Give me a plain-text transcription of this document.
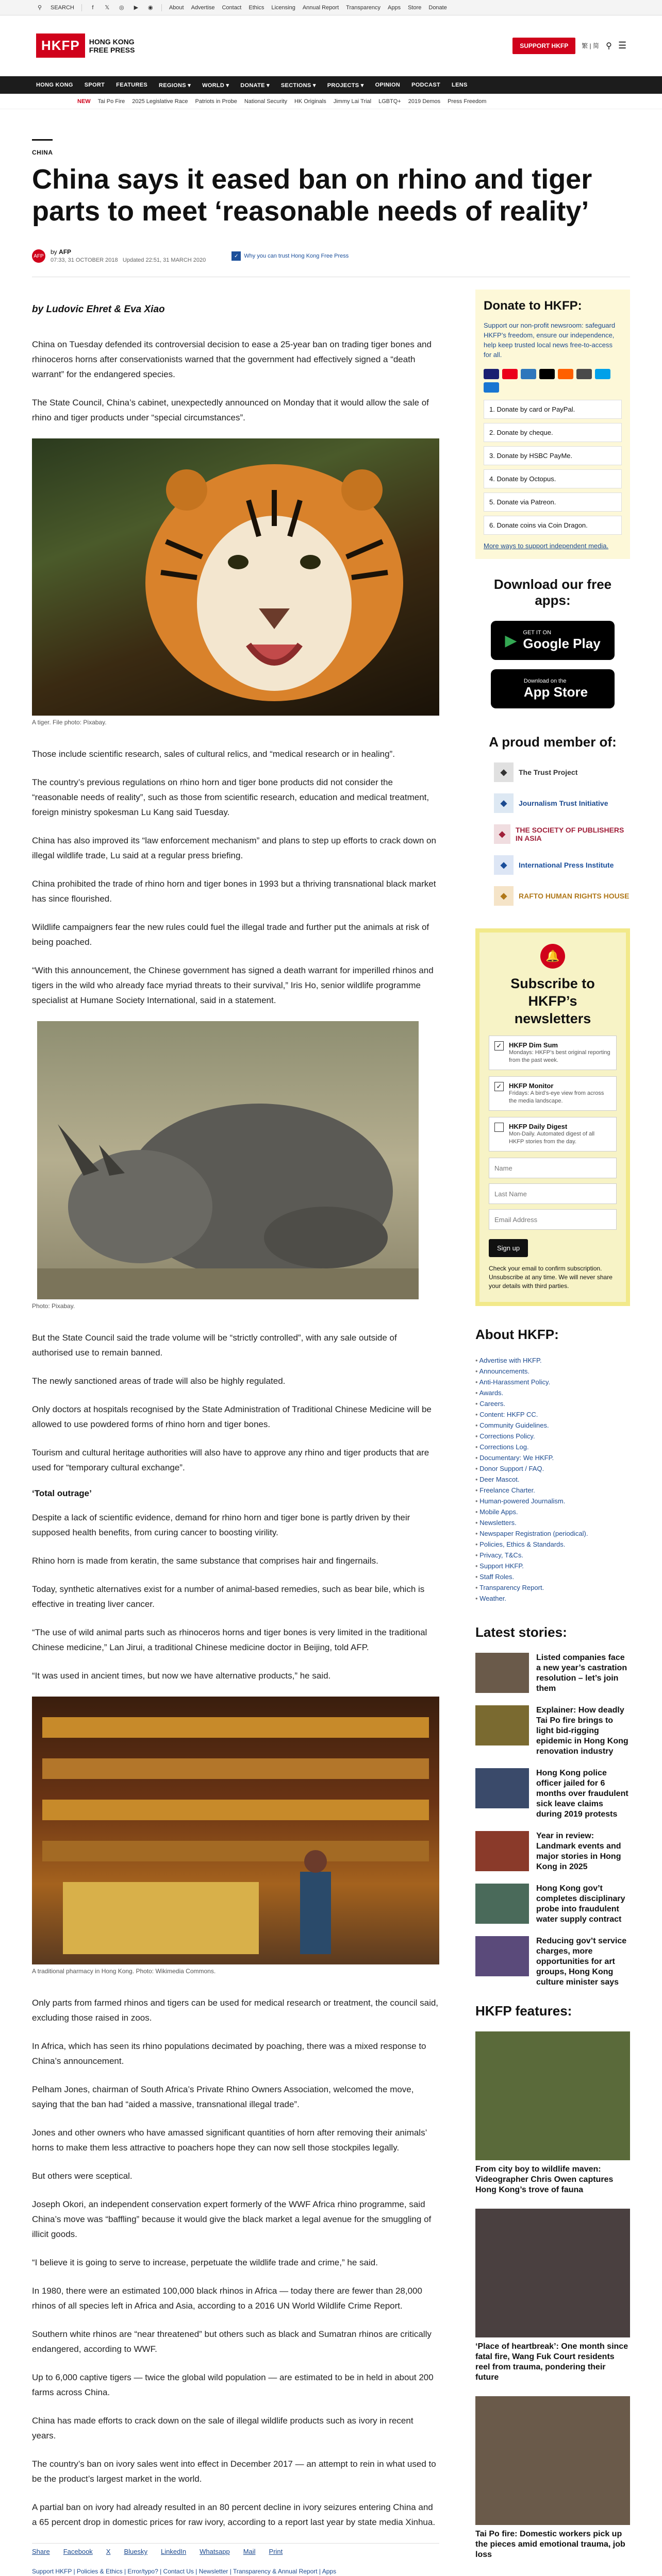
⚲ SEARCH	f	𝕏 ◎ ▶ ◉	About Advertise Contact Ethics Licensing Annual Report Transparency Apps Store Donate
HKFP	HONG KONG
FREE PRESS	SUPPORT HKFP	繁 | 简 ⚲ ☰
HONG KONG SPORT FEATURES REGIONS ▾ WORLD ▾ DONATE ▾ SECTIONS ▾ PROJECTS ▾ OPINION PODCAST LENS
NEW Tai Po Fire 2025 Legislative Race Patriots in Probe National Security HK Originals Jimmy Lai Trial LGBTQ+ 2019 Demos Press Freedom
CHINA
China says it eased ban on rhino and tiger parts to meet ‘reasonable needs of reality’
AFP
by AFP
07:33, 31 OCTOBER 2018 Updated 22:51, 31 MARCH 2020
✓ Why you can trust Hong Kong Free Press
by Ludovic Ehret & Eva Xiao

China on Tuesday defended its controversial decision to ease a 25-year ban on trading tiger bones and rhinoceros horns after conservationists warned that the government had effectively signed a “death warrant” for the endangered species.

The State Council, China’s cabinet, unexpectedly announced on Monday that it would allow the sale of rhino and tiger products under “special circumstances”.

A tiger. File photo: Pixabay.

Those include scientific research, sales of cultural relics, and “medical research or in healing”.

The country’s previous regulations on rhino horn and tiger bone products did not consider the “reasonable needs of reality”, such as those from scientific research, education and medical treatment, foreign ministry spokesman Lu Kang said Tuesday.

China has also improved its “law enforcement mechanism” and plans to step up efforts to crack down on illegal wildlife trade, Lu said at a regular press briefing.

China prohibited the trade of rhino horn and tiger bones in 1993 but a thriving transnational black market has since flourished.

Wildlife campaigners fear the new rules could fuel the illegal trade and further put the animals at risk of being poached.

“With this announcement, the Chinese government has signed a death warrant for imperilled rhinos and tigers in the wild who already face myriad threats to their survival,” Iris Ho, senior wildlife programme specialist at Humane Society International, said in a statement.

Photo: Pixabay.

But the State Council said the trade volume will be “strictly controlled”, with any sale outside of authorised use to remain banned.

The newly sanctioned areas of trade will also be highly regulated.

Only doctors at hospitals recognised by the State Administration of Traditional Chinese Medicine will be allowed to use powdered forms of rhino horn and tiger bones.

Tourism and cultural heritage authorities will also have to approve any rhino and tiger products that are used for “temporary cultural exchange”.

‘Total outrage’

Despite a lack of scientific evidence, demand for rhino horn and tiger bone is partly driven by their supposed health benefits, from curing cancer to boosting virility.

Rhino horn is made from keratin, the same substance that comprises hair and fingernails.

Today, synthetic alternatives exist for a number of animal-based remedies, such as bear bile, which is effective in treating liver cancer.

“The use of wild animal parts such as rhinoceros horns and tiger bones is very limited in the traditional Chinese medicine,” Lan Jirui, a traditional Chinese medicine doctor in Beijing, told AFP.

“It was used in ancient times, but now we have alternative products,” he said.

A traditional pharmacy in Hong Kong. Photo: Wikimedia Commons.

Only parts from farmed rhinos and tigers can be used for medical research or treatment, the council said, excluding those raised in zoos.

In Africa, which has seen its rhino populations decimated by poaching, there was a mixed response to China’s announcement.

Pelham Jones, chairman of South Africa’s Private Rhino Owners Association, welcomed the move, saying that the ban had “aided a massive, transnational illegal trade”.

Jones and other owners who have amassed significant quantities of horn after removing their animals’ horns to make them less attractive to poachers hope they can now sell those stockpiles legally.

But others were sceptical.

Joseph Okori, an independent conservation expert formerly of the WWF Africa rhino programme, said China’s move was “baffling” because it would give the black market a legal avenue for the smuggling of illicit goods.

“I believe it is going to serve to increase, perpetuate the wildlife trade and crime,” he said.

In 1980, there were an estimated 100,000 black rhinos in Africa — today there are fewer than 28,000 rhinos of all species left in Africa and Asia, according to a 2016 UN World Wildlife Crime Report.

Southern white rhinos are “near threatened” but others such as black and Sumatran rhinos are critically endangered, according to WWF.

Up to 6,000 captive tigers — twice the global wild population — are estimated to be in held in about 200 farms across China.

China has made efforts to crack down on the sale of illegal wildlife products such as ivory in recent years.

The country’s ban on ivory sales went into effect in December 2017 — an attempt to rein in what used to be the product’s largest market in the world.

A partial ban on ivory had already resulted in an 80 percent decline in ivory seizures entering China and a 65 percent drop in domestic prices for raw ivory, according to a report last year by state media Xinhua.

Share Facebook X Bluesky LinkedIn Whatsapp Mail Print
Support HKFP | Policies & Ethics | Error/typo? | Contact Us | Newsletter | Transparency & Annual Report | Apps
Donate to HKFP:

Support our non-profit newsroom: safeguard HKFP’s freedom, ensure our independence, help keep trusted local news free-to-access for all.

1. Donate by card or PayPal.
2. Donate by cheque.
3. Donate by HSBC PayMe.
4. Donate by Octopus.
5. Donate via Patreon.
6. Donate coins via Coin Dragon.
More ways to support independent media.
Download our free apps:
▶ GET IT ON
Google Play
Download on the
App Store
A proud member of:
◆	The Trust Project
◆	Journalism Trust Initiative
◆	THE SOCIETY OF PUBLISHERS IN ASIA
◆	International Press Institute
◆	RAFTO HUMAN RIGHTS HOUSE
🔔
Subscribe to HKFP’s newsletters
✓ HKFP Dim Sum
Mondays: HKFP’s best original reporting from the past week.
✓ HKFP Monitor
Fridays: A bird’s-eye view from across the media landscape.
HKFP Daily Digest
Mon-Daily. Automated digest of all HKFP stories from the day.
Name
Last Name
Email Address
Sign up
Check your email to confirm subscription. Unsubscribe at any time. We will never share your details with third parties.
About HKFP:
• Advertise with HKFP.
• Announcements.
• Anti-Harassment Policy.
• Awards.
• Careers.
• Content: HKFP CC.
• Community Guidelines.
• Corrections Policy.
• Corrections Log.
• Documentary: We HKFP.
• Donor Support / FAQ.
• Deer Mascot.
• Freelance Charter.
• Human-powered Journalism.
• Mobile Apps.
• Newsletters.
• Newspaper Registration (periodical).
• Policies, Ethics & Standards.
• Privacy, T&Cs.
• Support HKFP.
• Staff Roles.
• Transparency Report.
• Weather.
Latest stories:
Listed companies face a new year’s castration resolution – let’s join them
Explainer: How deadly Tai Po fire brings to light bid-rigging epidemic in Hong Kong renovation industry
Hong Kong police officer jailed for 6 months over fraudulent sick leave claims during 2019 protests
Year in review: Landmark events and major stories in Hong Kong in 2025
Hong Kong gov’t completes disciplinary probe into fraudulent water supply contract
Reducing gov’t service charges, more opportunities for art groups, Hong Kong culture minister says
HKFP features:
From city boy to wildlife maven: Videographer Chris Owen captures Hong Kong’s trove of fauna
‘Place of heartbreak’: One month since fatal fire, Wang Fuk Court residents reel from trauma, pondering their future
Tai Po fire: Domestic workers pick up the pieces amid emotional trauma, job loss
